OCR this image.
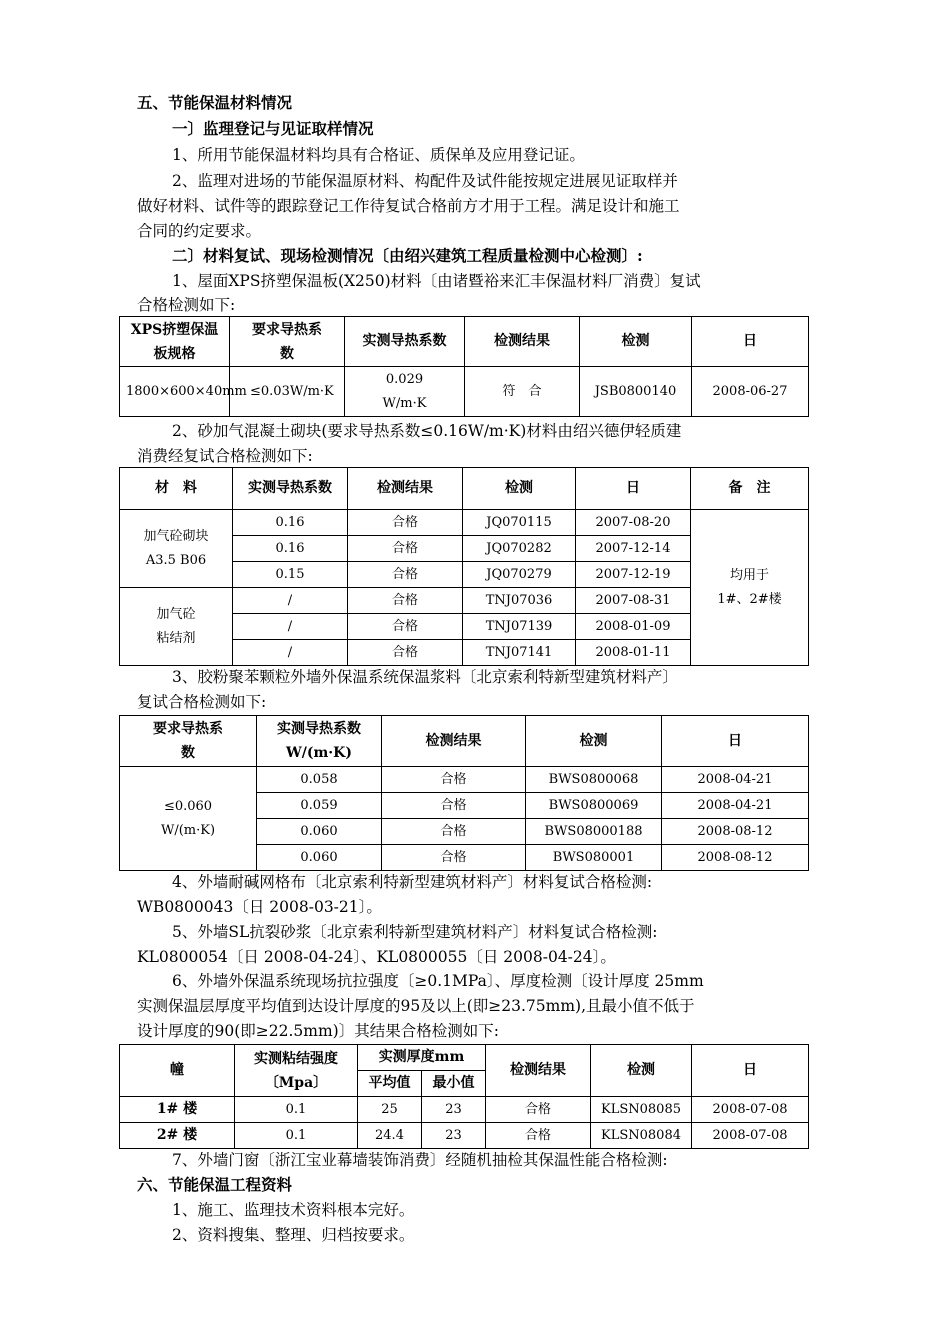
五、节能保温材料情况
一〕监理登记与见证取样情况
1、所用节能保温材料均具有合格证、质保单及应用登记证。
2、监理对进场的节能保温原材料、构配件及试件能按规定进展见证取样并
做好材料、试件等的跟踪登记工作待复试合格前方才用于工程。满足设计和施工
合同的约定要求。
二〕材料复试、现场检测情况〔由绍兴建筑工程质量检测中心检测〕:
1、屋面XPS挤塑保温板(X250)材料〔由诸暨裕来汇丰保温材料厂消费〕复试
合格检测如下:
XPS挤塑保温板规格	要求导热系数	实测导热系数	检测结果	检测	日
1800×600×40mm	≤0.03W/m·K	0.029 W/m·K	符　合	JSB0800140	2008-06-27
2、砂加气混凝土砌块(要求导热系数≤0.16W/m·K)材料由绍兴德伊轻质建
消费经复试合格检测如下:
材　料	实测导热系数	检测结果	检测	日	备　注
加气砼砌块 A3.5 B06	0.16	合格	JQ070115	2007-08-20	均用于 1#、2#楼
	0.16	合格	JQ070282	2007-12-14	
	0.15	合格	JQ070279	2007-12-19	
加气砼 粘结剂	/	合格	TNJ07036	2007-08-31	
	/	合格	TNJ07139	2008-01-09	
	/	合格	TNJ07141	2008-01-11	
3、胶粉聚苯颗粒外墙外保温系统保温浆料〔北京索利特新型建筑材料产〕
复试合格检测如下:
要求导热系数	实测导热系数 W/(m·K)	检测结果	检测	日
≤0.060 W/(m·K)	0.058	合格	BWS0800068	2008-04-21
	0.059	合格	BWS0800069	2008-04-21
	0.060	合格	BWS08000188	2008-08-12
	0.060	合格	BWS080001	2008-08-12
4、外墙耐碱网格布〔北京索利特新型建筑材料产〕材料复试合格检测:
WB0800043〔日 2008-03-21〕。
5、外墙SL抗裂砂浆〔北京索利特新型建筑材料产〕材料复试合格检测:
KL0800054〔日 2008-04-24〕、KL0800055〔日 2008-04-24〕。
6、外墙外保温系统现场抗拉强度〔≥0.1MPa〕、厚度检测〔设计厚度 25mm
实测保温层厚度平均值到达设计厚度的95及以上(即≥23.75mm),且最小值不低于
设计厚度的90(即≥22.5mm)〕其结果合格检测如下:
幢	实测粘结强度〔Mpa〕	实测厚度mm		检测结果	检测	日
		平均值	最小值			
1# 楼	0.1	25	23	合格	KLSN08085	2008-07-08
2# 楼	0.1	24.4	23	合格	KLSN08084	2008-07-08
7、外墙门窗〔浙江宝业幕墙装饰消费〕经随机抽检其保温性能合格检测:
六、节能保温工程资料
1、施工、监理技术资料根本完好。
2、资料搜集、整理、归档按要求。
